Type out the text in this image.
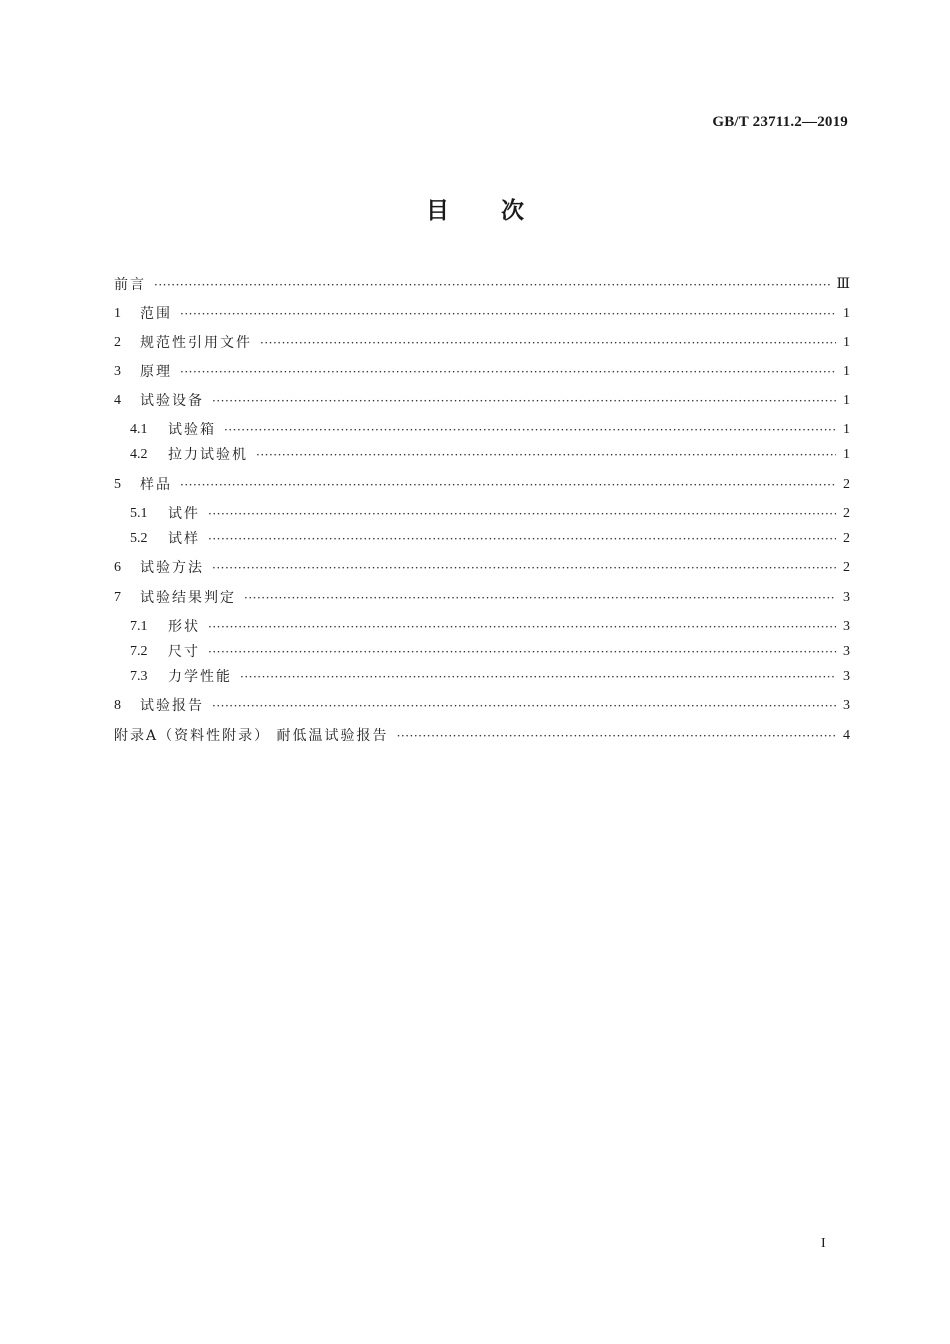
GB/T 23711.2—2019
目次
前言 ·····	Ⅲ
1	范围 ·····	1
2	规范性引用文件 ·····	1
3	原理 ·····	1
4	试验设备 ·····	1
4.1	试验箱 ·····	1
4.2	拉力试验机 ·····	1
5	样品 ·····	2
5.1	试件 ·····	2
5.2	试样 ·····	2
6	试验方法 ·····	2
7	试验结果判定 ·····	3
7.1	形状 ·····	3
7.2	尺寸 ·····	3
7.3	力学性能 ·····	3
8	试验报告 ·····	3
附录A（资料性附录） 耐低温试验报告 ·····	4
I
